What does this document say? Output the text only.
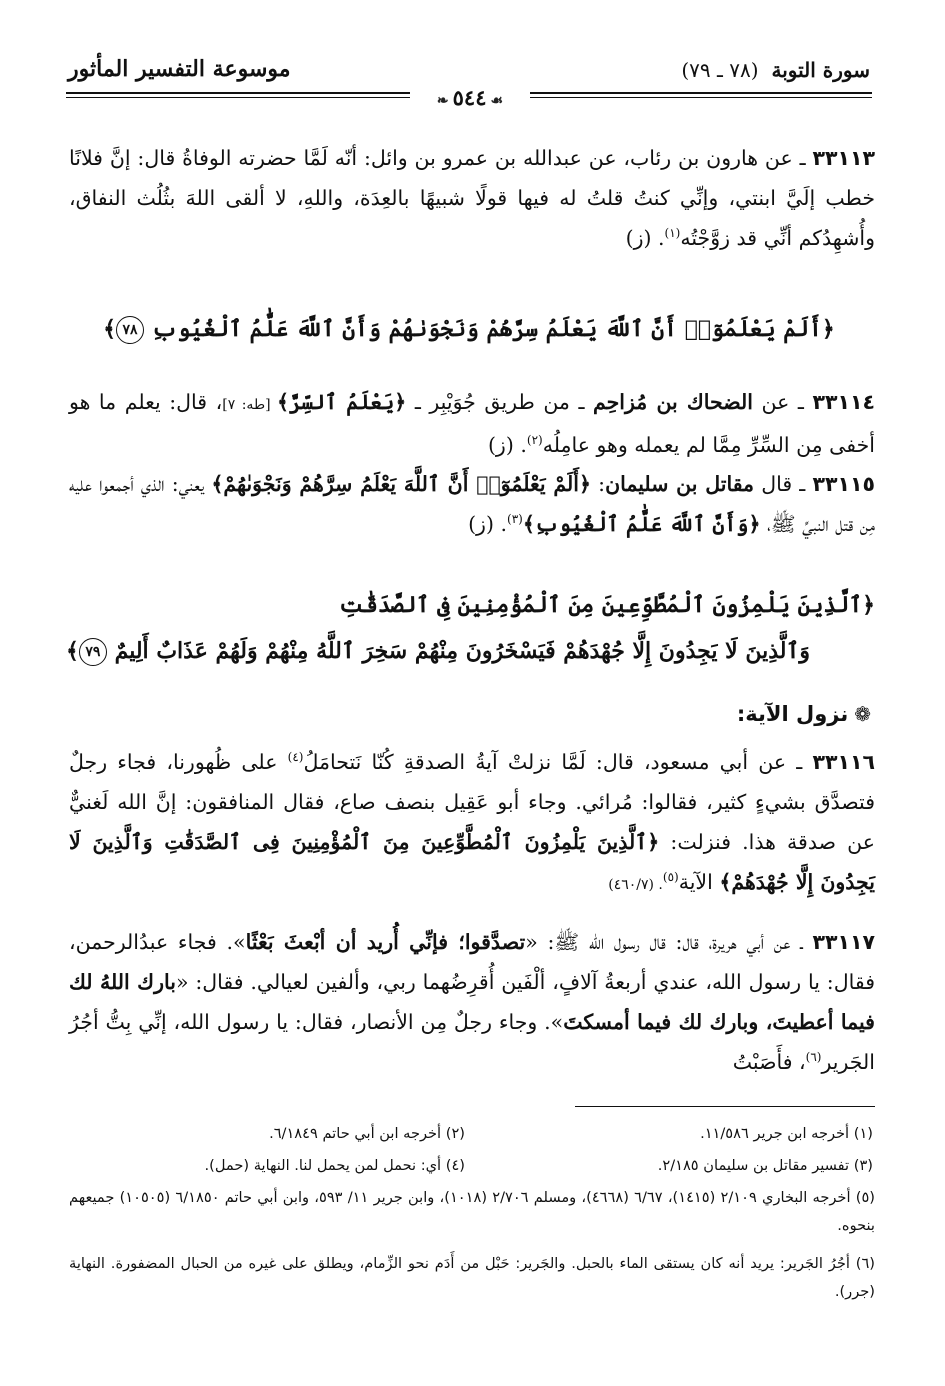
سورة التوبة (٧٨ ـ ٧٩)
موسوعة التفسير المأثور
☙٥٤٤❧
٣٣١١٣ ـ عن هارون بن رئاب، عن عبدالله بن عمرو بن وائل: أنّه لَمَّا حضرته الوفاةُ قال: إنَّ فلانًا خطب إلَيَّ ابنتي، وإنِّي كنتُ قلتُ له فيها قولًا شبيهًا بالعِدَة، واللهِ، لا ألقى اللهَ بثُلُث النفاق، وأُشهِدُكم أنِّي قد زوَّجْتُه$^{(١)}$. (ز)
﴿أَلَمْ يَعْلَمُوٓا۟ أَنَّ ٱللَّهَ يَعْلَمُ سِرَّهُمْ وَنَجْوَىٰهُمْ وَأَنَّ ٱللَّهَ عَلَّٰمُ ٱلْغُيُوبِ ٧٨﴾
٣٣١١٤ ـ عن الضحاك بن مُزاحِم ـ من طريق جُوَيْبِر ـ ﴿يَعْلَمُ ٱلسِّرَّ﴾ [طه: ٧]، قال: يعلم ما هو أخفى مِن السِّرِّ مِمَّا لم يعمله وهو عامِلُه$^{(٢)}$. (ز)
٣٣١١٥ ـ قال مقاتل بن سليمان: ﴿أَلَمْ يَعْلَمُوٓا۟ أَنَّ ٱللَّهَ يَعْلَمُ سِرَّهُمْ وَنَجْوَىٰهُمْ﴾ يعني: الذي أجمعوا عليه مِن قتل النبيِّ ﷺ، ﴿وَأَنَّ ٱللَّهَ عَلَّٰمُ ٱلْغُيُوبِ﴾$^{(٣)}$. (ز)
﴿ٱلَّذِينَ يَلْمِزُونَ ٱلْمُطَّوِّعِينَ مِنَ ٱلْمُؤْمِنِينَ فِى ٱلصَّدَقَٰتِ
وَٱلَّذِينَ لَا يَجِدُونَ إِلَّا جُهْدَهُمْ فَيَسْخَرُونَ مِنْهُمْ سَخِرَ ٱللَّهُ مِنْهُمْ وَلَهُمْ عَذَابٌ أَلِيمٌ ٧٩﴾
❁نزول الآية:
٣٣١١٦ ـ عن أبي مسعود، قال: لَمَّا نزلتْ آيةُ الصدقةِ كُنّا نَتحامَلُ$^{(٤)}$ على ظُهورنا، فجاء رجلٌ فتصدَّق بشيءٍ كثير، فقالوا: مُرائي. وجاء أبو عَقِيل بنصف صاع، فقال المنافقون: إنَّ الله لَغنيٌّ عن صدقة هذا. فنزلت: ﴿ٱلَّذِينَ يَلْمِزُونَ ٱلْمُطَّوِّعِينَ مِنَ ٱلْمُؤْمِنِينَ فِى ٱلصَّدَقَٰتِ وَٱلَّذِينَ لَا يَجِدُونَ إِلَّا جُهْدَهُمْ﴾ الآية$^{(٥)}$. (٤٦٠/٧)
٣٣١١٧ ـ عن أبي هريرة، قال: قال رسول الله ﷺ: «تصدَّقوا؛ فإنِّي أُريد أن أبْعثَ بَعْثًا». فجاء عبدُالرحمن، فقال: يا رسول الله، عندي أربعةُ آلافٍ، ألْفَين أُقرِضُهما ربي، وألفين لعيالي. فقال: «بارك اللهُ لك فيما أعطيتَ، وبارك لك فيما أمسكتَ». وجاء رجلٌ مِن الأنصار، فقال: يا رسول الله، إنِّي بِتُّ أجُرُ الجَرير$^{(٦)}$، فأَصَبْتُ
(١) أخرجه ابن جرير ١١/٥٨٦.
(٢) أخرجه ابن أبي حاتم ٦/١٨٤٩.
(٣) تفسير مقاتل بن سليمان ٢/١٨٥.
(٤) أي: نحمل لمن يحمل لنا. النهاية (حمل).
(٥) أخرجه البخاري ٢/١٠٩ (١٤١٥)، ٦/٦٧ (٤٦٦٨)، ومسلم ٢/٧٠٦ (١٠١٨)، وابن جرير ١١/ ٥٩٣، وابن أبي حاتم ٦/١٨٥٠ (١٠٥٠٥) جميعهم بنحوه.
(٦) أجُرُ الجَرير: يريد أنه كان يستقى الماء بالحبل. والجَرير: حَبْل من أَدَم نحو الزِّمام، ويطلق على غيره من الحبال المضفورة. النهاية (جرر).
